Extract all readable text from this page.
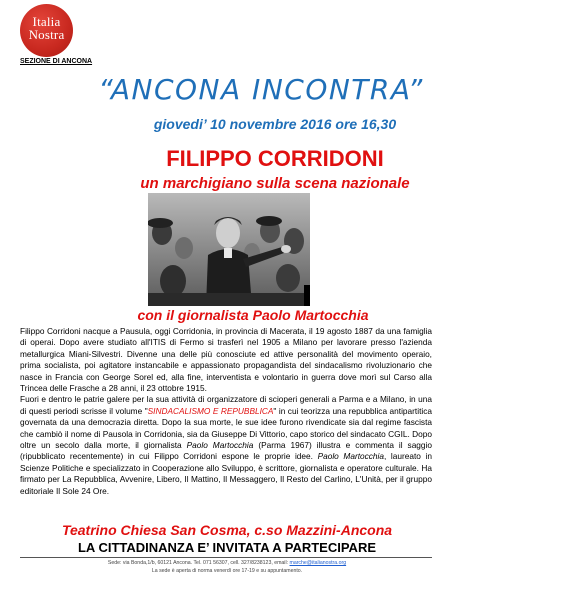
Italia
Nostra
SEZIONE DI ANCONA
“ANCONA INCONTRA”
giovedi’ 10 novembre 2016 ore 16,30
FILIPPO CORRIDONI
un marchigiano sulla scena nazionale
con il giornalista Paolo Martocchia

Filippo Corridoni nacque a Pausula, oggi Corridonia, in provincia di Macerata, il 19 agosto 1887 da una famiglia di operai. Dopo avere studiato all'ITIS di Fermo si trasferì nel 1905 a Milano per lavorare presso l'azienda metallurgica Miani-Silvestri. Divenne una delle più conosciute ed attive personalità del movimento operaio, prima socialista, poi agitatore instancabile e appassionato propagandista del sindacalismo rivoluzionario che nasce in Francia con George Sorel ed, alla fine, interventista e volontario in guerra dove morì sul Carso alla Trincea delle Frasche a 28 anni, il 23 ottobre 1915.

Fuori e dentro le patrie galere per la sua attività di organizzatore di scioperi generali a Parma e a Milano, in una di questi periodi scrisse il volume "SINDACALISMO E REPUBBLICA" in cui teorizza una repubblica antipartitica governata da una democrazia diretta. Dopo la sua morte, le sue idee furono rivendicate sia dal regime fascista che cambiò il nome di Pausola in Corridonia, sia da Giuseppe Di Vittorio, capo storico del sindacato CGIL. Dopo oltre un secolo dalla morte, il giornalista Paolo Martocchia (Parma 1967) illustra e commenta il saggio (ripubblicato recentemente) in cui Filippo Corridoni espone le proprie idee. Paolo Martocchia, laureato in Scienze Politiche e specializzato in Cooperazione allo Sviluppo, è scrittore, giornalista e operatore culturale. Ha firmato per La Repubblica, Avvenire, Libero, Il Mattino, Il Messaggero, Il Resto del Carlino, L'Unità, per il gruppo editoriale Il Sole 24 Ore.

Teatrino Chiesa San Cosma, c.so Mazzini-Ancona
LA CITTADINANZA E’ INVITATA A PARTECIPARE
Sede: via Bonda,1/b, 60121 Ancona. Tel. 071 56307, cell. 327/8238123, email: marche@italianostra.org
La sede è aperta di norma venerdì ore 17-19 e su appuntamento.
